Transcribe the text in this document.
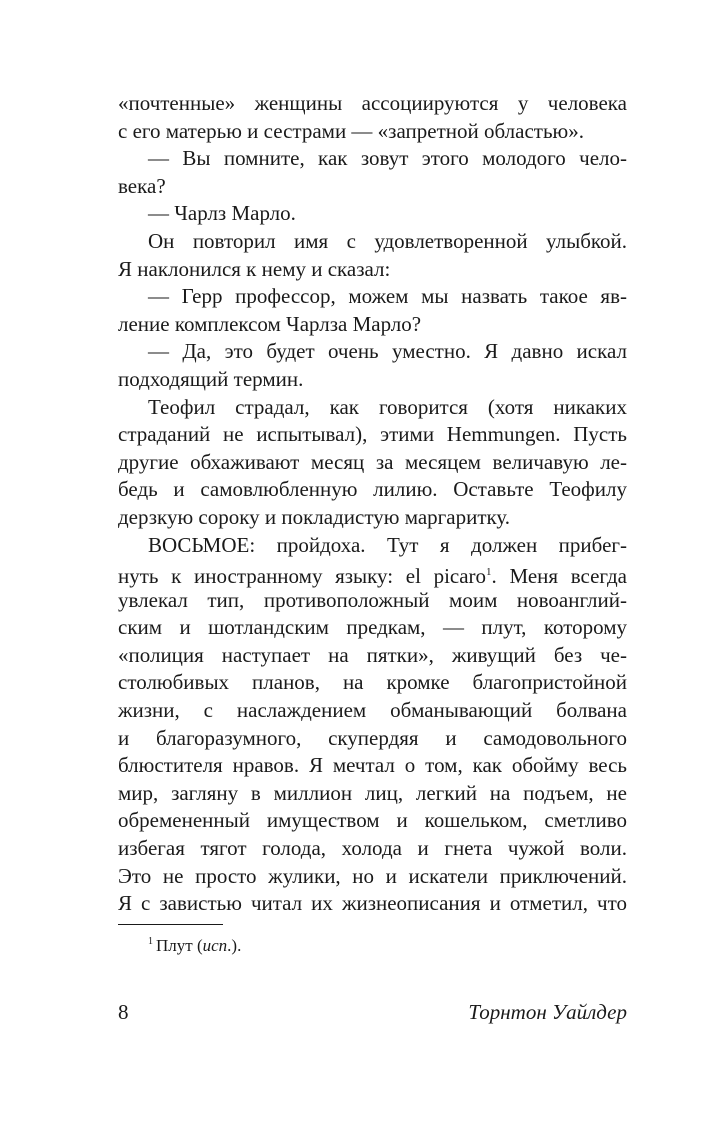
«почтенные» женщины ассоциируются у человека
с его матерью и сестрами — «запретной областью».
— Вы помните, как зовут этого молодого чело-
века?
— Чарлз Марло.
Он повторил имя с удовлетворенной улыбкой.
Я наклонился к нему и сказал:
— Герр профессор, можем мы назвать такое яв-
ление комплексом Чарлза Марло?
— Да, это будет очень уместно. Я давно искал
подходящий термин.
Теофил страдал, как говорится (хотя никаких
страданий не испытывал), этими Hemmungen. Пусть
другие обхаживают месяц за месяцем величавую ле-
бедь и самовлюбленную лилию. Оставьте Теофилу
дерзкую сороку и покладистую маргаритку.
ВОСЬМОЕ: пройдоха. Тут я должен прибег-
нуть к иностранному языку: el picaro$^1$. Меня всегда
увлекал тип, противоположный моим новоанглий-
ским и шотландским предкам, — плут, которому
«полиция наступает на пятки», живущий без че-
столюбивых планов, на кромке благопристойной
жизни, с наслаждением обманывающий болвана
и благоразумного, скупердяя и самодовольного
блюстителя нравов. Я мечтал о том, как обойму весь
мир, загляну в миллион лиц, легкий на подъем, не
обремененный имуществом и кошельком, сметливо
избегая тягот голода, холода и гнета чужой воли.
Это не просто жулики, но и искатели приключений.
Я с завистью читал их жизнеописания и отметил, что
$^1$ Плут (исп.).
8	Торнтон Уайлдер
